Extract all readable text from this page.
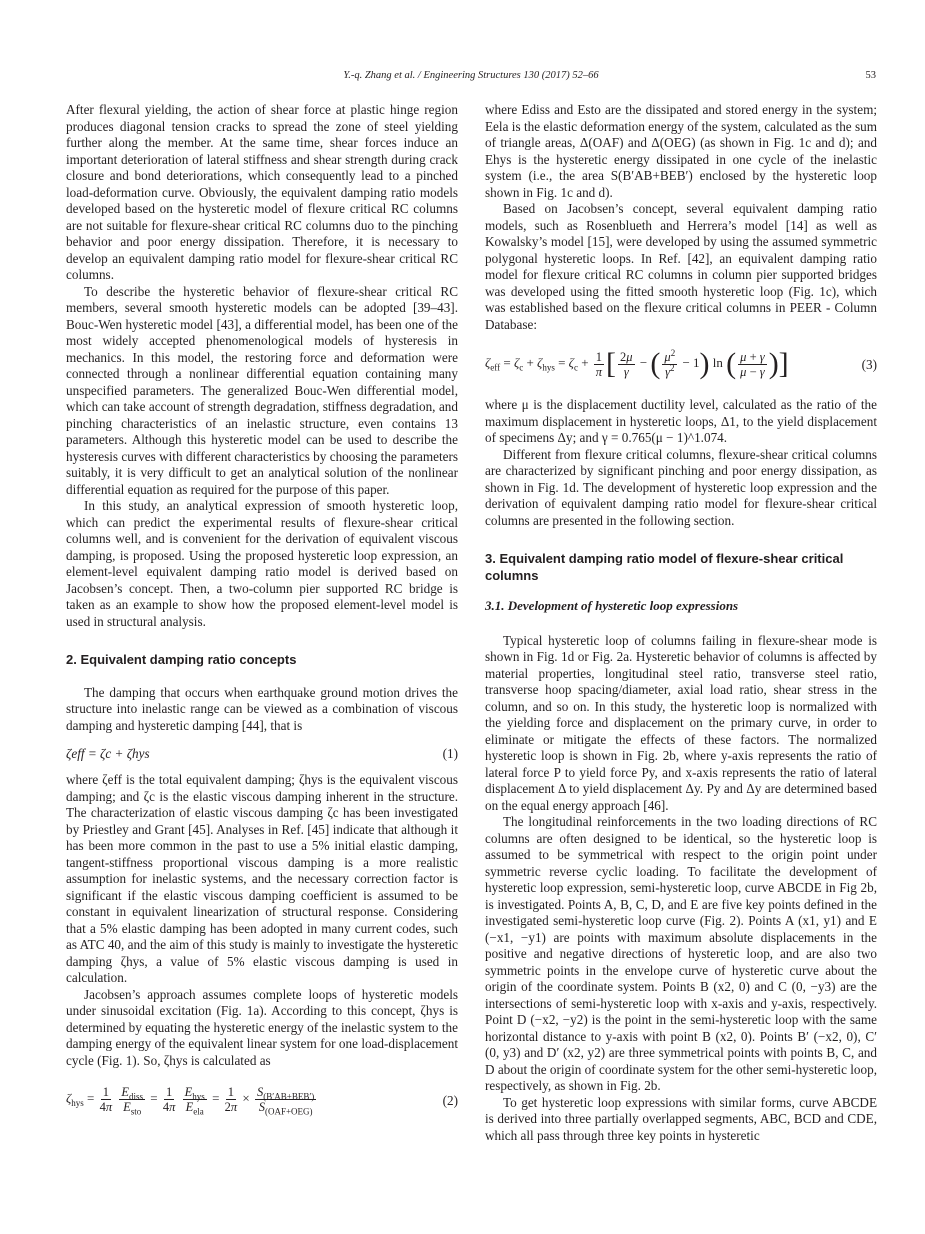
Y.-q. Zhang et al. / Engineering Structures 130 (2017) 52–66	53

After flexural yielding, the action of shear force at plastic hinge region produces diagonal tension cracks to spread the zone of steel yielding further along the member. At the same time, shear forces induce an important deterioration of lateral stiffness and shear strength during crack closure and bond deteriorations, which consequently lead to a pinched load-deformation curve. Obviously, the equivalent damping ratio models developed based on the hysteretic model of flexure critical RC columns are not suitable for flexure-shear critical RC columns duo to the pinching behavior and poor energy dissipation. Therefore, it is necessary to develop an equivalent damping ratio model for flexure-shear critical RC columns.

To describe the hysteretic behavior of flexure-shear critical RC members, several smooth hysteretic models can be adopted [39–43]. Bouc-Wen hysteretic model [43], a differential model, has been one of the most widely accepted phenomenological models of hysteresis in mechanics. In this model, the restoring force and deformation were connected through a nonlinear differential equation containing many unspecified parameters. The generalized Bouc-Wen differential model, which can take account of strength degradation, stiffness degradation, and pinching characteristics of an inelastic structure, even contains 13 parameters. Although this hysteretic model can be used to describe the hysteresis curves with different characteristics by choosing the parameters suitably, it is very difficult to get an analytical solution of the nonlinear differential equation as required for the purpose of this paper.

In this study, an analytical expression of smooth hysteretic loop, which can predict the experimental results of flexure-shear critical columns well, and is convenient for the derivation of equivalent viscous damping, is proposed. Using the proposed hysteretic loop expression, an element-level equivalent damping ratio model is derived based on Jacobsen’s concept. Then, a two-column pier supported RC bridge is taken as an example to show how the proposed element-level model is used in structural analysis.

2. Equivalent damping ratio concepts

The damping that occurs when earthquake ground motion drives the structure into inelastic range can be viewed as a combination of viscous damping and hysteretic damping [44], that is

ζeff = ζc + ζhys	(1)

where ζeff is the total equivalent damping; ζhys is the equivalent viscous damping; and ζc is the elastic viscous damping inherent in the structure. The characterization of elastic viscous damping ζc has been investigated by Priestley and Grant [45]. Analyses in Ref. [45] indicate that although it has been more common in the past to use a 5% initial elastic damping, tangent-stiffness proportional viscous damping is a more realistic assumption for inelastic systems, and the necessary correction factor is significant if the elastic viscous damping coefficient is assumed to be constant in equivalent linearization of structural response. Considering that a 5% elastic damping has been adopted in many current codes, such as ATC 40, and the aim of this study is mainly to investigate the hysteretic damping ζhys, a value of 5% elastic viscous damping is used in calculation.

Jacobsen’s approach assumes complete loops of hysteretic models under sinusoidal excitation (Fig. 1a). According to this concept, ζhys is determined by equating the hysteretic energy of the inelastic system to the damping energy of the equivalent linear system for one load-displacement cycle (Fig. 1). So, ζhys is calculated as

$\zeta_{hys} = \frac{1}{4\pi}$
$\frac{E_{diss}}{E_{sto}} = \frac{1}{4\pi}$
$\frac{E_{hys}}{E_{ela}} = \frac{1}{2\pi} \times \frac{S_{(B'AB+BEB')}}{S_{(OAF+OEG)}}$	(2)

where Ediss and Esto are the dissipated and stored energy in the system; Eela is the elastic deformation energy of the system, calculated as the sum of triangle areas, Δ(OAF) and Δ(OEG) (as shown in Fig. 1c and d); and Ehys is the hysteretic energy dissipated in one cycle of the inelastic system (i.e., the area S(B′AB+BEB′) enclosed by the hysteretic loop shown in Fig. 1c and d).

Based on Jacobsen’s concept, several equivalent damping ratio models, such as Rosenblueth and Herrera’s model [14] as well as Kowalsky’s model [15], were developed by using the assumed symmetric polygonal hysteretic loops. In Ref. [42], an equivalent damping ratio model for flexure critical RC columns in column pier supported bridges was developed using the fitted smooth hysteretic loop (Fig. 1c), which was established based on the flexure critical columns in PEER - Column Database:

$\zeta_{eff} = \zeta_c + \zeta_{hys} = \zeta_c + \frac{1}{\pi}$ [ $\frac{2\mu}{\gamma}$ − ( $\frac{\mu^2}{\gamma^2} - 1$) ln ( $\frac{\mu + \gamma}{\mu - \gamma}$ )]	(3)

where μ is the displacement ductility level, calculated as the ratio of the maximum displacement in hysteretic loops, Δ1, to the yield displacement of specimens Δy; and γ = 0.765(μ − 1)^1.074.

Different from flexure critical columns, flexure-shear critical columns are characterized by significant pinching and poor energy dissipation, as shown in Fig. 1d. The development of hysteretic loop expression and the derivation of equivalent damping ratio model for flexure-shear critical columns are presented in the following section.

3. Equivalent damping ratio model of flexure-shear critical columns
3.1. Development of hysteretic loop expressions

Typical hysteretic loop of columns failing in flexure-shear mode is shown in Fig. 1d or Fig. 2a. Hysteretic behavior of columns is affected by material properties, longitudinal steel ratio, transverse steel ratio, transverse hoop spacing/diameter, axial load ratio, shear stress in the column, and so on. In this study, the hysteretic loop is normalized with the yielding force and displacement on the primary curve, in order to eliminate or mitigate the effects of these factors. The normalized hysteretic loop is shown in Fig. 2b, where y-axis represents the ratio of lateral force P to yield force Py, and x-axis represents the ratio of lateral displacement Δ to yield displacement Δy. Py and Δy are determined based on the equal energy approach [46].

The longitudinal reinforcements in the two loading directions of RC columns are often designed to be identical, so the hysteretic loop is assumed to be symmetrical with respect to the origin point under symmetric reverse cyclic loading. To facilitate the development of hysteretic loop expression, semi-hysteretic loop, curve ABCDE in Fig 2b, is investigated. Points A, B, C, D, and E are five key points defined in the investigated semi-hysteretic loop curve (Fig. 2). Points A (x1, y1) and E (−x1, −y1) are points with maximum absolute displacements in the positive and negative directions of hysteretic loop, and are also two symmetric points in the envelope curve of hysteretic curve about the origin of the coordinate system. Points B (x2, 0) and C (0, −y3) are the intersections of semi-hysteretic loop with x-axis and y-axis, respectively. Point D (−x2, −y2) is the point in the semi-hysteretic loop with the same horizontal distance to y-axis with point B (x2, 0). Points B′ (−x2, 0), C′ (0, y3) and D′ (x2, y2) are three symmetrical points with points B, C, and D about the origin of coordinate system for the other semi-hysteretic loop, respectively, as shown in Fig. 2b.

To get hysteretic loop expressions with similar forms, curve ABCDE is derived into three partially overlapped segments, ABC, BCD and CDE, which all pass through three key points in hysteretic
